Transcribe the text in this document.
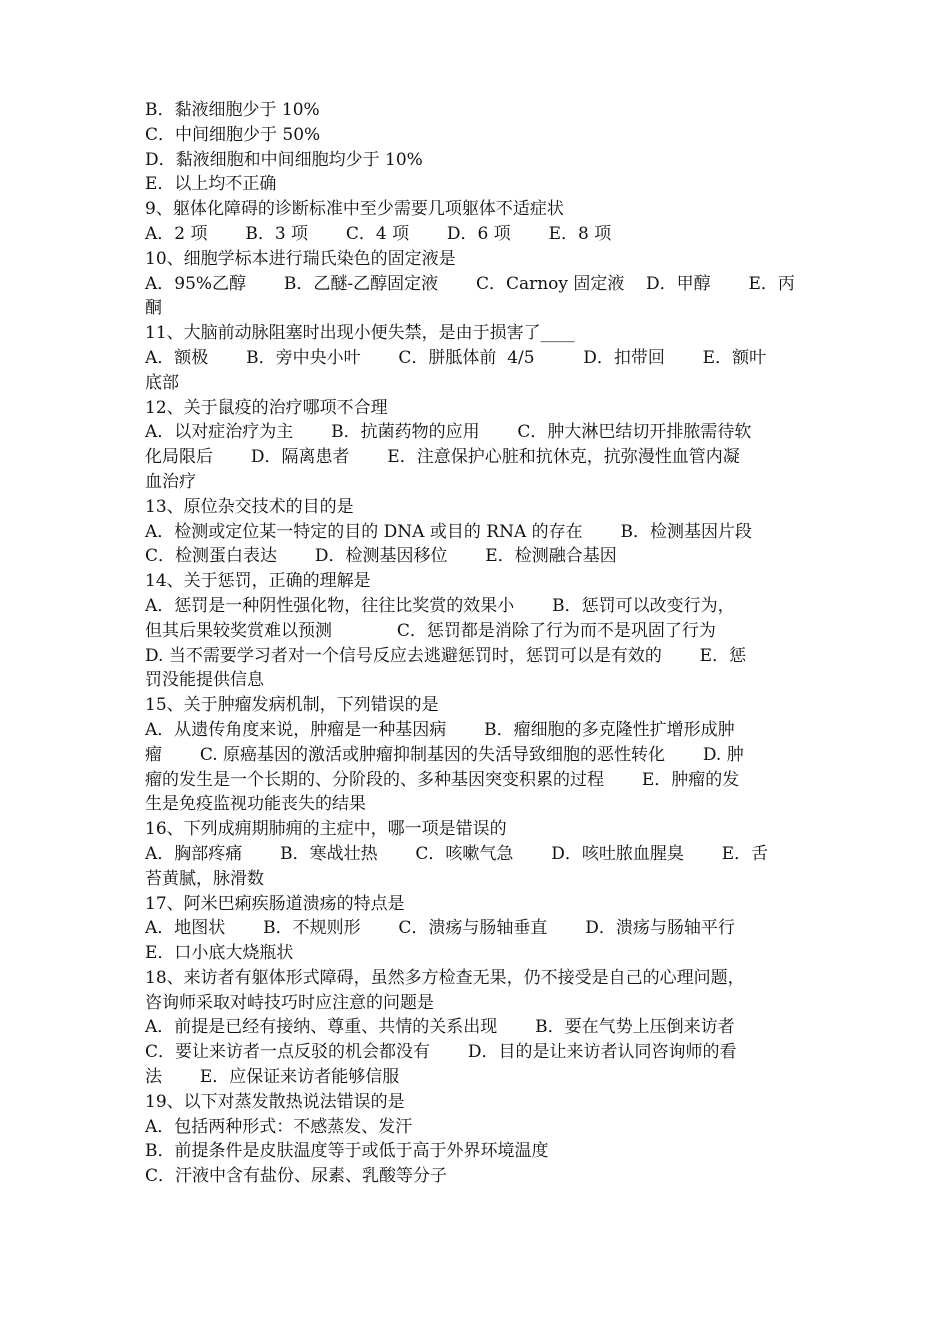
B．黏液细胞少于 10%
C．中间细胞少于 50%
D．黏液细胞和中间细胞均少于 10%
E．以上均不正确
9、躯体化障碍的诊断标准中至少需要几项躯体不适症状
A．2 项       B．3 项       C．4 项       D．6 项       E．8 项
10、细胞学标本进行瑞氏染色的固定液是
A．95%乙醇       B．乙醚-乙醇固定液       C．Carnoy 固定液    D．甲醇       E．丙
酮
11、大脑前动脉阻塞时出现小便失禁，是由于损害了____
A．额极       B．旁中央小叶       C．胼胝体前  4/5         D．扣带回       E．额叶
底部
12、关于鼠疫的治疗哪项不合理
A．以对症治疗为主       B．抗菌药物的应用       C．肿大淋巴结切开排脓需待软
化局限后       D．隔离患者       E．注意保护心脏和抗休克，抗弥漫性血管内凝
血治疗
13、原位杂交技术的目的是
A．检测或定位某一特定的目的 DNA 或目的 RNA 的存在       B．检测基因片段
C．检测蛋白表达       D．检测基因移位       E．检测融合基因
14、关于惩罚，正确的理解是
A．惩罚是一种阴性强化物，往往比奖赏的效果小       B．惩罚可以改变行为，
但其后果较奖赏难以预测            C．惩罚都是消除了行为而不是巩固了行为
D. 当不需要学习者对一个信号反应去逃避惩罚时，惩罚可以是有效的       E．惩
罚没能提供信息
15、关于肿瘤发病机制，下列错误的是
A．从遗传角度来说，肿瘤是一种基因病       B．瘤细胞的多克隆性扩增形成肿
瘤       C. 原癌基因的激活或肿瘤抑制基因的失活导致细胞的恶性转化       D. 肿
瘤的发生是一个长期的、分阶段的、多种基因突变积累的过程       E．肿瘤的发
生是免疫监视功能丧失的结果
16、下列成痈期肺痈的主症中，哪一项是错误的
A．胸部疼痛       B．寒战壮热       C．咳嗽气急       D．咳吐脓血腥臭       E．舌
苔黄腻，脉滑数
17、阿米巴痢疾肠道溃疡的特点是
A．地图状       B．不规则形       C．溃疡与肠轴垂直       D．溃疡与肠轴平行
E．口小底大烧瓶状
18、来访者有躯体形式障碍，虽然多方检查无果，仍不接受是自己的心理问题，
咨询师采取对峙技巧时应注意的问题是
A．前提是已经有接纳、尊重、共情的关系出现       B．要在气势上压倒来访者
C．要让来访者一点反驳的机会都没有       D．目的是让来访者认同咨询师的看
法       E．应保证来访者能够信服
19、以下对蒸发散热说法错误的是
A．包括两种形式：不感蒸发、发汗
B．前提条件是皮肤温度等于或低于高于外界环境温度
C．汗液中含有盐份、尿素、乳酸等分子
